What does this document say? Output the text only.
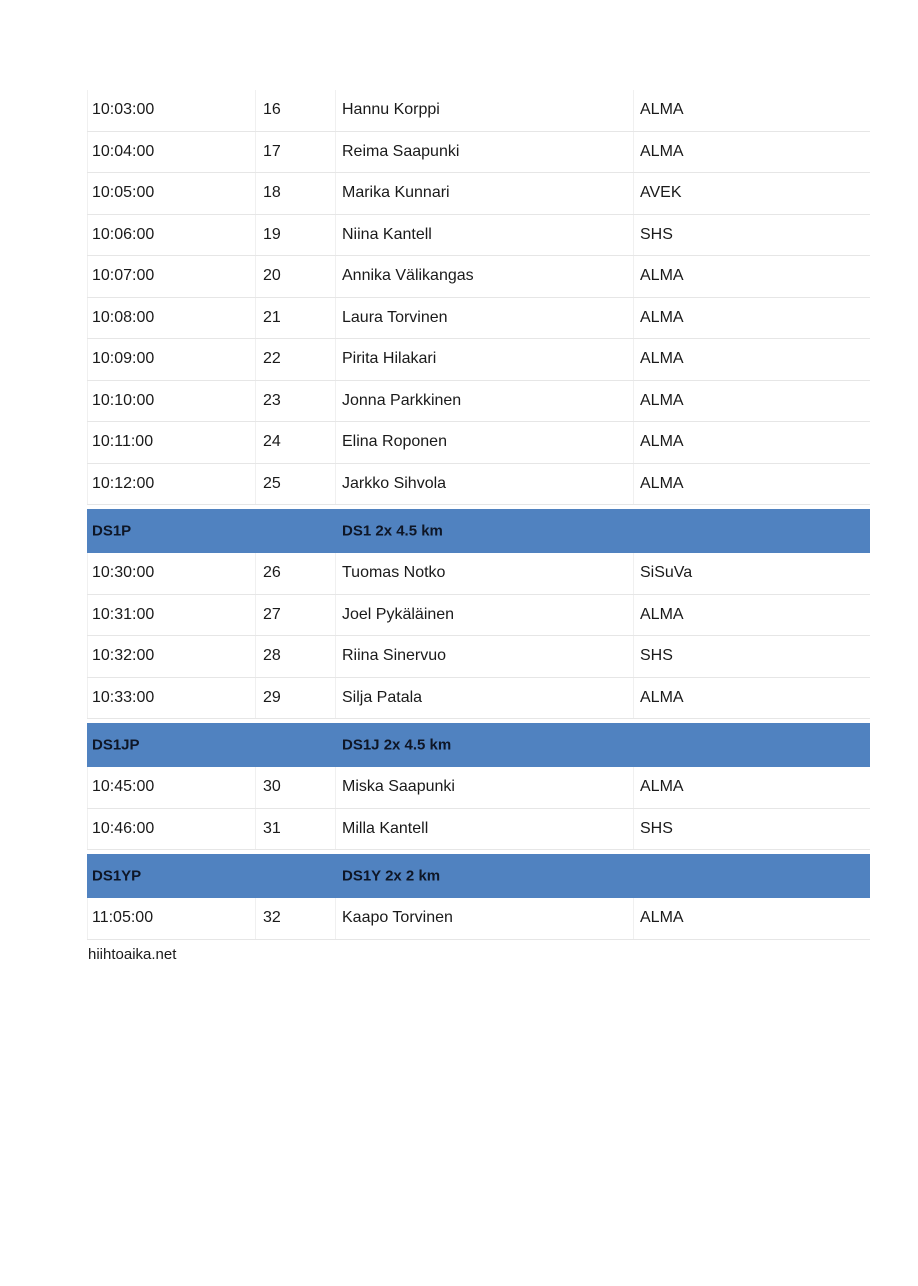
10:03:00	16	Hannu Korppi	ALMA
10:04:00	17	Reima Saapunki	ALMA
10:05:00	18	Marika Kunnari	AVEK
10:06:00	19	Niina Kantell	SHS
10:07:00	20	Annika Välikangas	ALMA
10:08:00	21	Laura Torvinen	ALMA
10:09:00	22	Pirita Hilakari	ALMA
10:10:00	23	Jonna Parkkinen	ALMA
10:11:00	24	Elina Roponen	ALMA
10:12:00	25	Jarkko Sihvola	ALMA
DS1P	DS1 2x 4.5 km
10:30:00	26	Tuomas Notko	SiSuVa
10:31:00	27	Joel Pykäläinen	ALMA
10:32:00	28	Riina Sinervuo	SHS
10:33:00	29	Silja Patala	ALMA
DS1JP	DS1J 2x 4.5 km
10:45:00	30	Miska Saapunki	ALMA
10:46:00	31	Milla Kantell	SHS
DS1YP	DS1Y 2x 2 km
11:05:00	32	Kaapo Torvinen	ALMA
hiihtoaika.net
